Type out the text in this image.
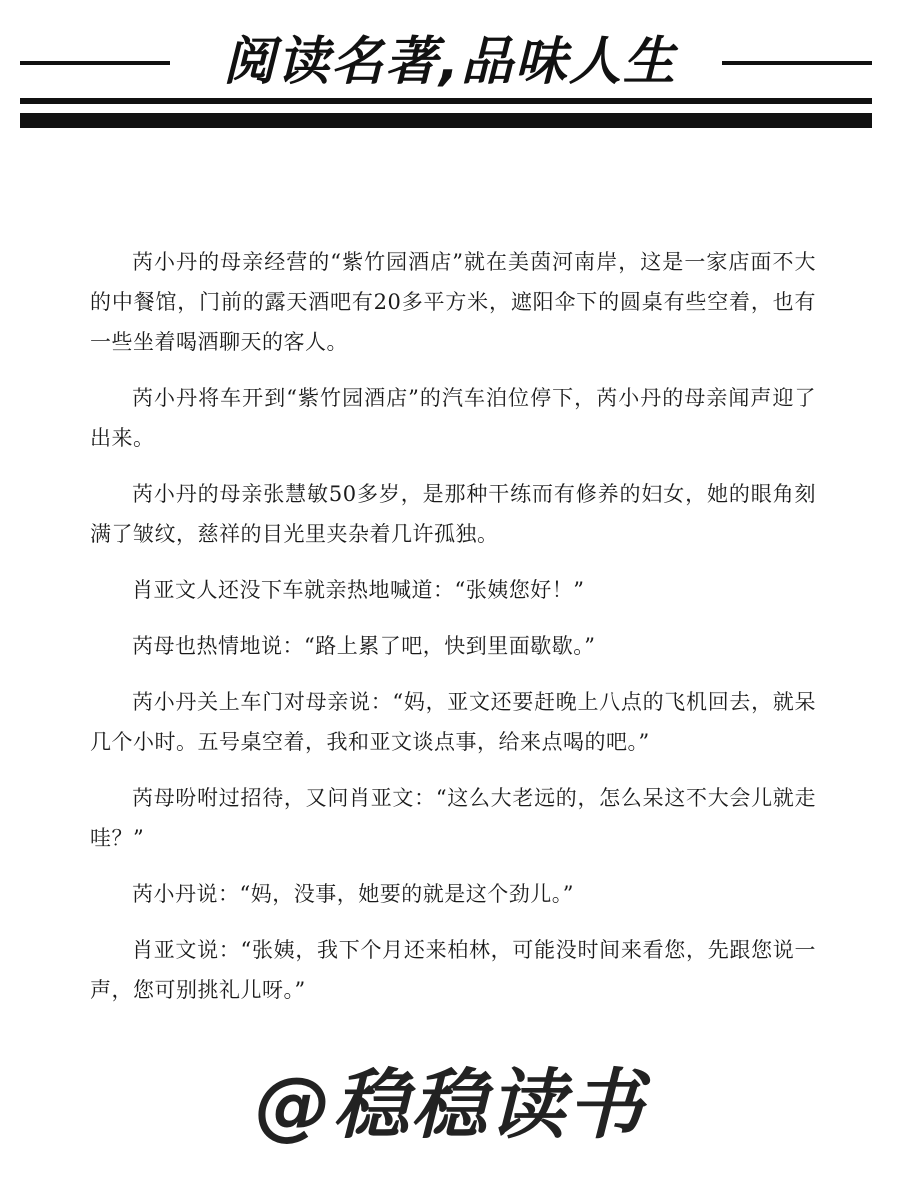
阅读名著,品味人生

芮小丹的母亲经营的“紫竹园酒店”就在美茵河南岸，这是一家店面不大的中餐馆，门前的露天酒吧有20多平方米，遮阳伞下的圆桌有些空着，也有一些坐着喝酒聊天的客人。

芮小丹将车开到“紫竹园酒店”的汽车泊位停下，芮小丹的母亲闻声迎了出来。

芮小丹的母亲张慧敏50多岁，是那种干练而有修养的妇女，她的眼角刻满了皱纹，慈祥的目光里夹杂着几许孤独。

肖亚文人还没下车就亲热地喊道：“张姨您好！”

芮母也热情地说：“路上累了吧，快到里面歇歇。”

芮小丹关上车门对母亲说：“妈，亚文还要赶晚上八点的飞机回去，就呆几个小时。五号桌空着，我和亚文谈点事，给来点喝的吧。”

芮母吩咐过招待，又问肖亚文：“这么大老远的，怎么呆这不大会儿就走哇？”

芮小丹说：“妈，没事，她要的就是这个劲儿。”

肖亚文说：“张姨，我下个月还来柏林，可能没时间来看您，先跟您说一声，您可别挑礼儿呀。”

@稳稳读书
